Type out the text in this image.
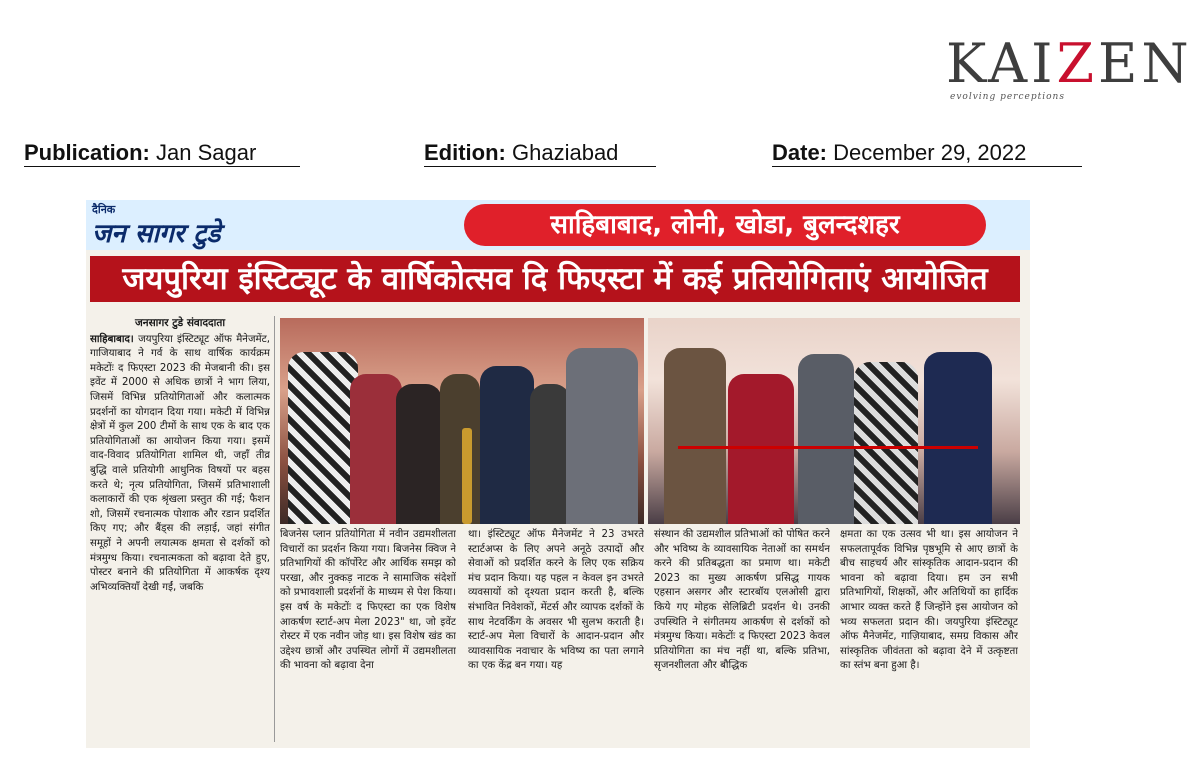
KAIZEN
evolving perceptions
Publication: Jan Sagar	Edition: Ghaziabad	Date: December 29, 2022
दैनिक
जन सागर टुडे	साहिबाबाद, लोनी, खोडा, बुलन्दशहर
जयपुरिया इंस्टिट्यूट के वार्षिकोत्सव दि फिएस्टा में कई प्रतियोगिताएं आयोजित
जनसागर टुडे संवाददाता
साहिबाबाद। जयपुरिया इंस्टिट्यूट ऑफ मैनेजमेंट, गाजियाबाद ने गर्व के साथ वार्षिक कार्यक्रम मकेटोंः द फिएस्टा 2023 की मेजबानी की। इस इवेंट में 2000 से अधिक छात्रों ने भाग लिया, जिसमें विभिन्न प्रतियोगिताओं और कलात्मक प्रदर्शनों का योगदान दिया गया। मकेटी में विभिन्न क्षेत्रों में कुल 200 टीमों के साथ एक के बाद एक प्रतियोगिताओं का आयोजन किया गया। इसमें वाद-विवाद प्रतियोगिता शामिल थी, जहाँ तीव्र बुद्धि वाले प्रतियोगी आधुनिक विषयों पर बहस करते थे; नृत्य प्रतियोगिता, जिसमें प्रतिभाशाली कलाकारों की एक श्रृंखला प्रस्तुत की गई; फैशन शो, जिसमें रचनात्मक पोशाक और रडान प्रदर्शित किए गए; और बैंड्स की लड़ाई, जहां संगीत समूहों ने अपनी लयात्मक क्षमता से दर्शकों को मंत्रमुग्ध किया। रचनात्मकता को बढ़ावा देते हुए, पोस्टर बनाने की प्रतियोगिता में आकर्षक दृश्य अभिव्यक्तियाँ देखी गईं, जबकि
बिजनेस प्लान प्रतियोगिता में नवीन उद्यमशीलता विचारों का प्रदर्शन किया गया। बिजनेस क्विज ने प्रतिभागियों की कॉर्पोरेट और आर्थिक समझ को परखा, और नुक्कड़ नाटक ने सामाजिक संदेशों को प्रभावशाली प्रदर्शनों के माध्यम से पेश किया। इस वर्ष के मकेटोंः द फिएस्टा का एक विशेष आकर्षण स्टार्ट-अप मेला 2023" था, जो इवेंट रोस्टर में एक नवीन जोड़ था। इस विशेष खंड का उद्देश्य छात्रों और उपस्थित लोगों में उद्यमशीलता की भावना को बढ़ावा देना
था। इंस्टिट्यूट ऑफ मैनेजमेंट ने 23 उभरते स्टार्टअप्स के लिए अपने अनूठे उत्पादों और सेवाओं को प्रदर्शित करने के लिए एक सक्रिय मंच प्रदान किया। यह पहल न केवल इन उभरते व्यवसायों को दृश्यता प्रदान करती है, बल्कि संभावित निवेशकों, मेंटर्स और व्यापक दर्शकों के साथ नेटवर्किंग के अवसर भी सुलभ कराती है। स्टार्ट-अप मेला विचारों के आदान-प्रदान और व्यावसायिक नवाचार के भविष्य का पता लगाने का एक केंद्र बन गया। यह
संस्थान की उद्यमशील प्रतिभाओं को पोषित करने और भविष्य के व्यावसायिक नेताओं का समर्थन करने की प्रतिबद्धता का प्रमाण था। मकेटी 2023 का मुख्य आकर्षण प्रसिद्ध गायक एहसान असगर और स्टारबॉय एलओसी द्वारा किये गए मोहक सेलिब्रिटी प्रदर्शन थे। उनकी उपस्थिति ने संगीतमय आकर्षण से दर्शकों को मंत्रमुग्ध किया। मकेटोंः द फिएस्टा 2023 केवल प्रतियोगिता का मंच नहीं था, बल्कि प्रतिभा, सृजनशीलता और बौद्धिक
क्षमता का एक उत्सव भी था। इस आयोजन ने सफलतापूर्वक विभिन्न पृष्ठभूमि से आए छात्रों के बीच साहचर्य और सांस्कृतिक आदान-प्रदान की भावना को बढ़ावा दिया। हम उन सभी प्रतिभागियों, शिक्षकों, और अतिथियों का हार्दिक आभार व्यक्त करते हैं जिन्होंने इस आयोजन को भव्य सफलता प्रदान की। जयपुरिया इंस्टिट्यूट ऑफ मैनेजमेंट, गाज़ियाबाद, समग्र विकास और सांस्कृतिक जीवंतता को बढ़ावा देने में उत्कृष्टता का स्तंभ बना हुआ है।
